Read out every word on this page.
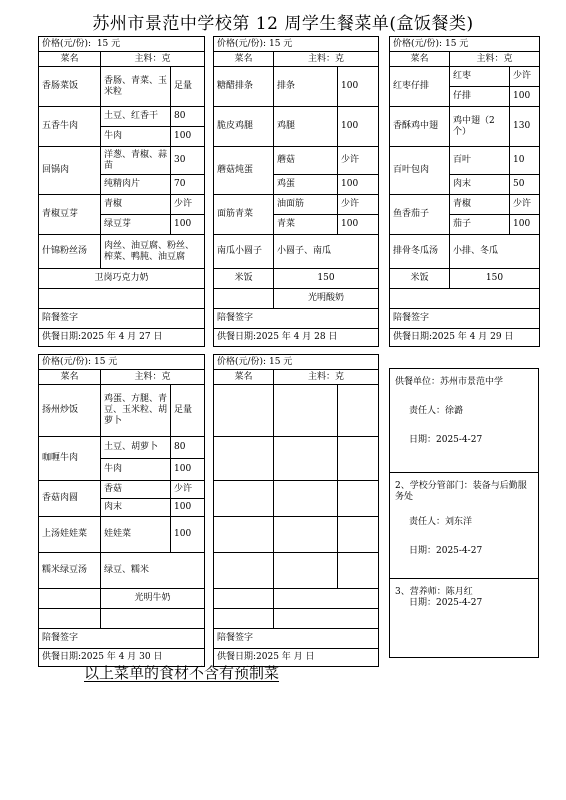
苏州市景范中学校第 12 周学生餐菜单(盒饭餐类)
价格(元/份): 15 元		
菜名	主料：克	
香肠菜饭	香肠、青菜、玉米粒	足量
五香牛肉	土豆、红香干	80
	牛肉	100
回锅肉	洋葱、青椒、蒜苗	30
	纯精肉片	70
青椒豆芽	青椒	少许
	绿豆芽	100
什锦粉丝汤	肉丝、油豆腐、粉丝、榨菜、鸭肫、油豆腐	
卫岗巧克力奶		

陪餐签字		
供餐日期:2025 年 4 月 27 日		
价格(元/份): 15 元		
菜名	主料：克	
糖醋排条	排条	100
脆皮鸡腿	鸡腿	100
蘑菇炖蛋	蘑菇	少许
	鸡蛋	100
面筋青菜	油面筋	少许
	青菜	100
南瓜小圆子	小圆子、南瓜	
米饭	150	
	光明酸奶	
陪餐签字		
供餐日期:2025 年 4 月 28 日		
价格(元/份): 15 元		
菜名	主料：克	
红枣仔排	红枣	少许
	仔排	100
香酥鸡中翅	鸡中翅（2个）	130
百叶包肉	百叶	10
	肉末	50
鱼香茄子	青椒	少许
	茄子	100
排骨冬瓜汤	小排、冬瓜	
米饭	150	

陪餐签字		
供餐日期:2025 年 4 月 29 日		
价格(元/份): 15 元		
菜名	主料：克	
扬州炒饭	鸡蛋、方腿、青豆、玉米粒、胡萝卜	足量
咖喱牛肉	土豆、胡萝卜	80
	牛肉	100
香菇肉圆	香菇	少许
	肉末	100
上汤娃娃菜	娃娃菜	100
糯米绿豆汤	绿豆、糯米	
	光明牛奶	

陪餐签字		
供餐日期:2025 年 4 月 30 日		
价格(元/份): 15 元		
菜名	主料：克	

陪餐签字		
供餐日期:2025 年 月 日		

供餐单位：苏州市景范中学

责任人：徐潞

日期：2025-4-27

2、学校分管部门：装备与后勤服务处

责任人：刘东洋

日期：2025-4-27

3、营养师：陈月红

日期：2025-4-27

以上菜单的食材不含有预制菜
